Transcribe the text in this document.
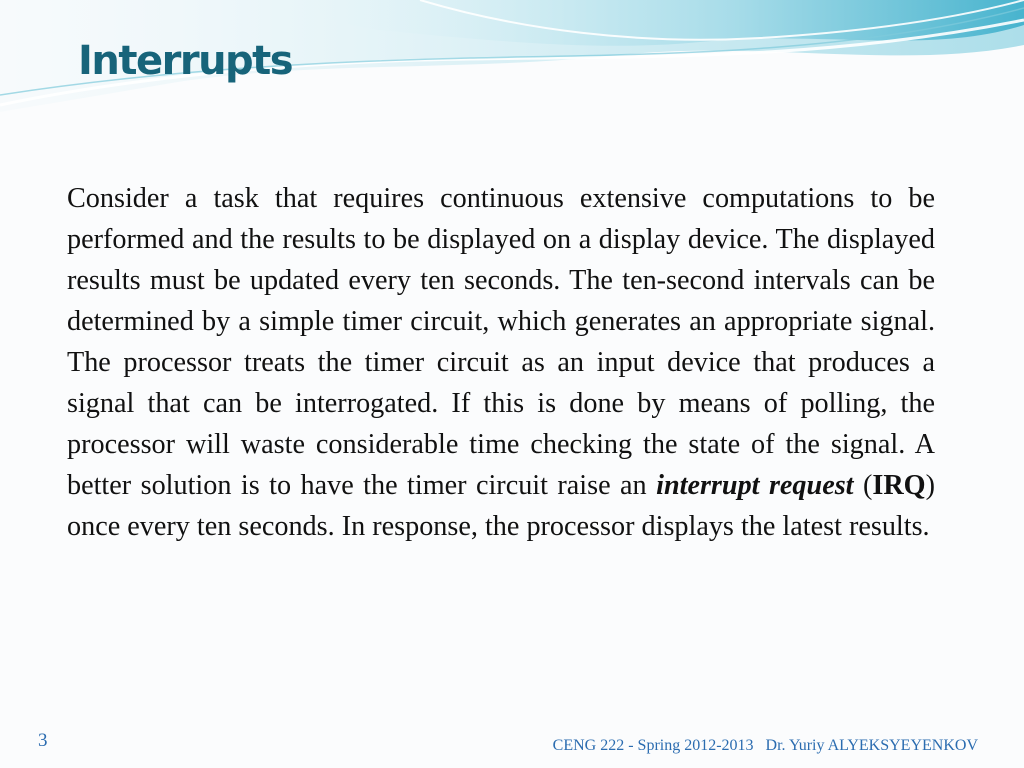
Interrupts
Consider a task that requires continuous extensive computations to be performed and the results to be displayed on a display device. The displayed results must be updated every ten seconds. The ten-second intervals can be determined by a simple timer circuit, which generates an appropriate signal. The processor treats the timer circuit as an input device that produces a signal that can be interrogated. If this is done by means of polling, the processor will waste considerable time checking the state of the signal. A better solution is to have the timer circuit raise an interrupt request (IRQ) once every ten seconds. In response, the processor displays the latest results.
3	CENG 222 - Spring 2012-2013   Dr. Yuriy ALYEKSYEYENKOV
